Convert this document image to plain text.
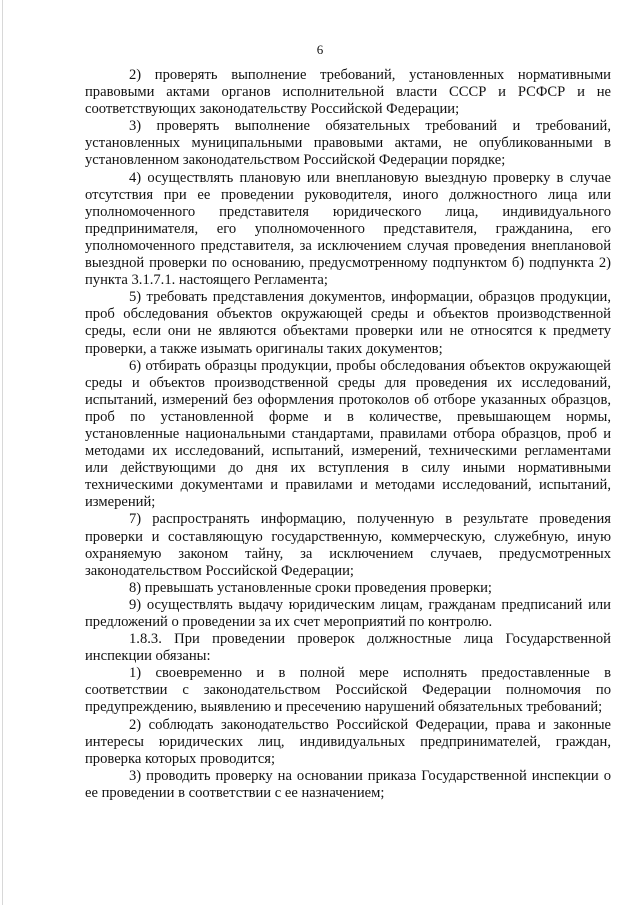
6

2) проверять выполнение требований, установленных нормативными правовыми актами органов исполнительной власти СССР и РСФСР и не соответствующих законодательству Российской Федерации;

3) проверять выполнение обязательных требований и требований, установленных муниципальными правовыми актами, не опубликованными в установленном законодательством Российской Федерации порядке;

4) осуществлять плановую или внеплановую выездную проверку в случае отсутствия при ее проведении руководителя, иного должностного лица или уполномоченного представителя юридического лица, индивидуального предпринимателя, его уполномоченного представителя, гражданина, его уполномоченного представителя, за исключением случая проведения внеплановой выездной проверки по основанию, предусмотренному подпунктом б) подпункта 2) пункта 3.1.7.1. настоящего Регламента;

5) требовать представления документов, информации, образцов продукции, проб обследования объектов окружающей среды и объектов производственной среды, если они не являются объектами проверки или не относятся к предмету проверки, а также изымать оригиналы таких документов;

6) отбирать образцы продукции, пробы обследования объектов окружающей среды и объектов производственной среды для проведения их исследований, испытаний, измерений без оформления протоколов об отборе указанных образцов, проб по установленной форме и в количестве, превышающем нормы, установленные национальными стандартами, правилами отбора образцов, проб и методами их исследований, испытаний, измерений, техническими регламентами или действующими до дня их вступления в силу иными нормативными техническими документами и правилами и методами исследований, испытаний, измерений;

7) распространять информацию, полученную в результате проведения проверки и составляющую государственную, коммерческую, служебную, иную охраняемую законом тайну, за исключением случаев, предусмотренных законодательством Российской Федерации;

8) превышать установленные сроки проведения проверки;

9) осуществлять выдачу юридическим лицам, гражданам предписаний или предложений о проведении за их счет мероприятий по контролю.

1.8.3. При проведении проверок должностные лица Государственной инспекции обязаны:

1) своевременно и в полной мере исполнять предоставленные в соответствии с законодательством Российской Федерации полномочия по предупреждению, выявлению и пресечению нарушений обязательных требований;

2) соблюдать законодательство Российской Федерации, права и законные интересы юридических лиц, индивидуальных предпринимателей, граждан, проверка которых проводится;

3) проводить проверку на основании приказа Государственной инспекции о ее проведении в соответствии с ее назначением;
